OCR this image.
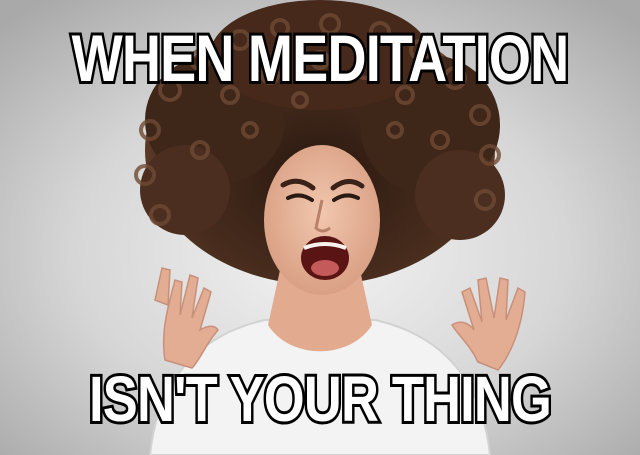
WHEN MEDITATION
ISN'T YOUR THING
